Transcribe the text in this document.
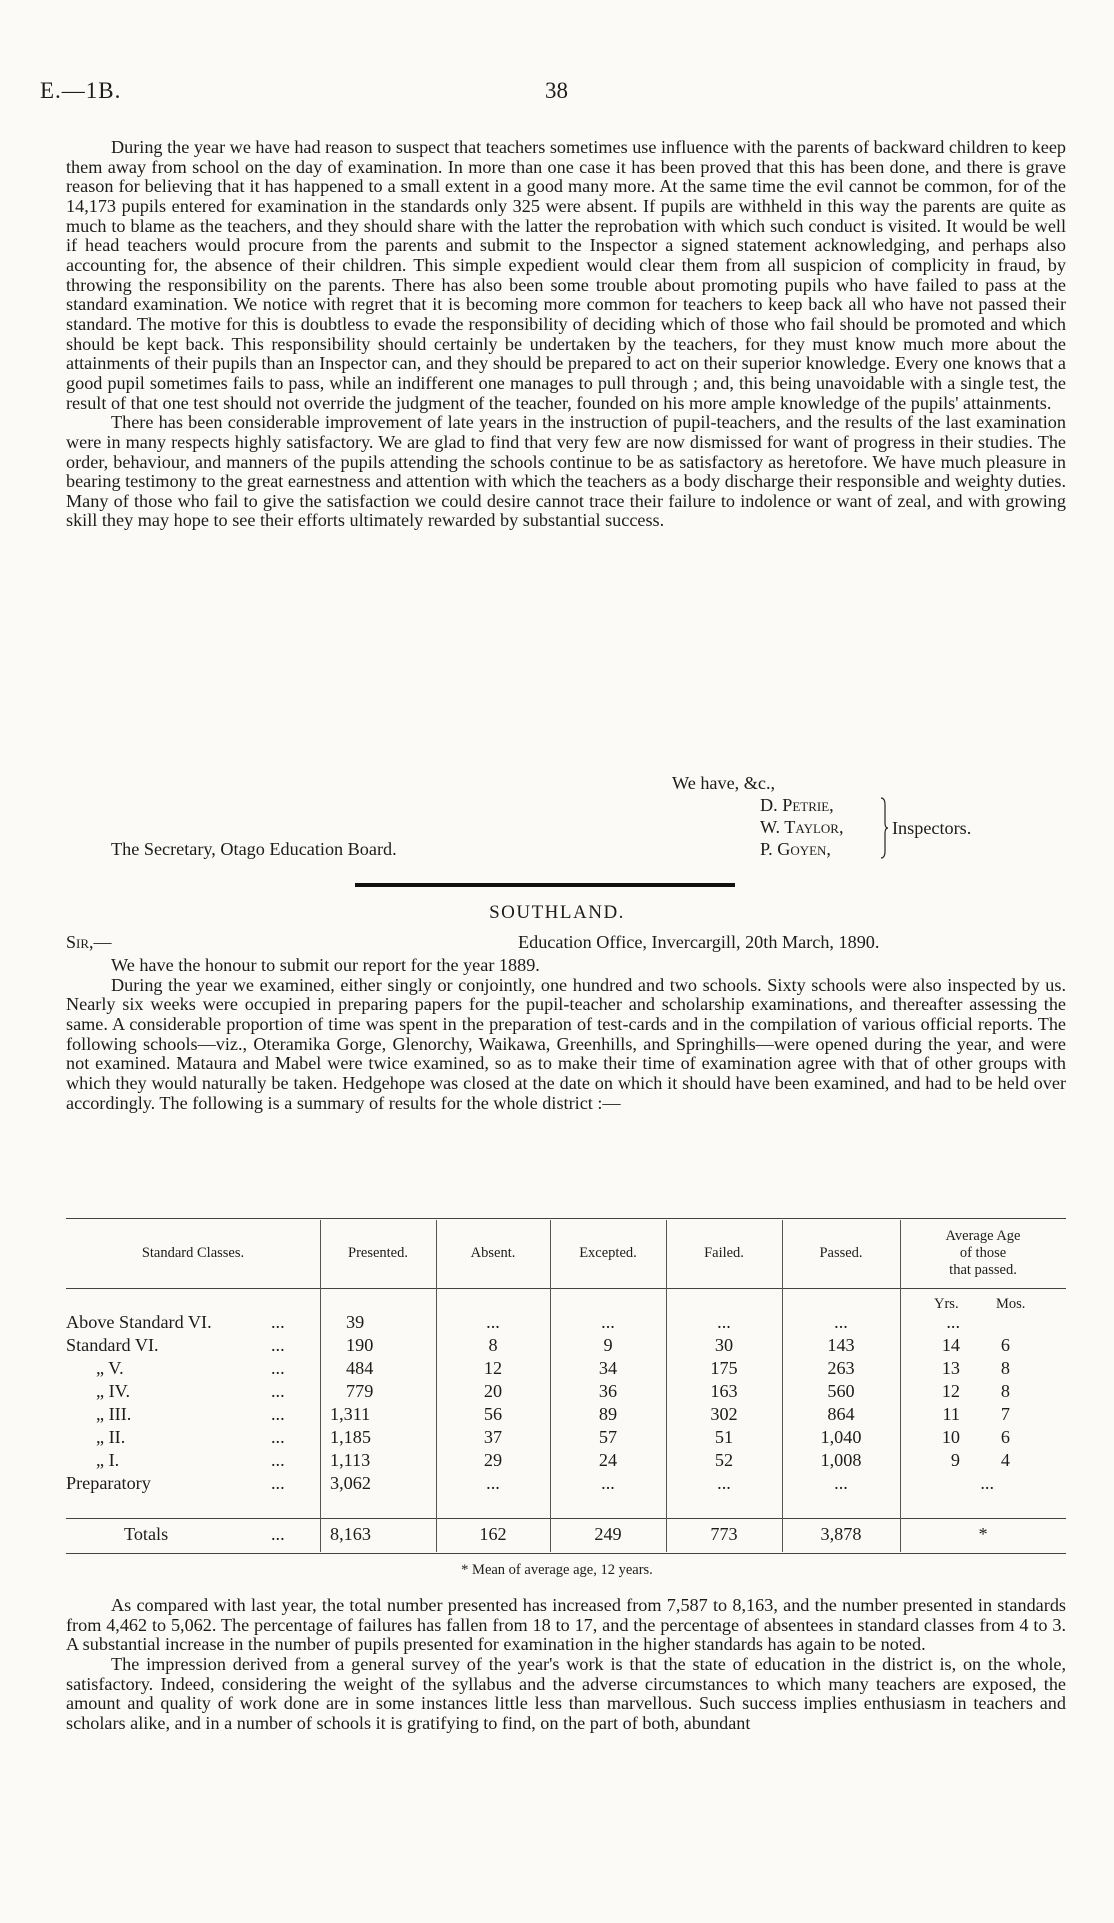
E.—1B.	38

During the year we have had reason to suspect that teachers sometimes use influence with the parents of backward children to keep them away from school on the day of examination. In more than one case it has been proved that this has been done, and there is grave reason for believing that it has happened to a small extent in a good many more. At the same time the evil cannot be common, for of the 14,173 pupils entered for examination in the standards only 325 were absent. If pupils are withheld in this way the parents are quite as much to blame as the teachers, and they should share with the latter the reprobation with which such conduct is visited. It would be well if head teachers would procure from the parents and submit to the Inspector a signed statement acknowledging, and perhaps also accounting for, the absence of their children. This simple expedient would clear them from all suspicion of complicity in fraud, by throwing the responsibility on the parents. There has also been some trouble about promoting pupils who have failed to pass at the standard examination. We notice with regret that it is becoming more common for teachers to keep back all who have not passed their standard. The motive for this is doubtless to evade the responsibility of deciding which of those who fail should be promoted and which should be kept back. This responsibility should certainly be undertaken by the teachers, for they must know much more about the attainments of their pupils than an Inspector can, and they should be prepared to act on their superior knowledge. Every one knows that a good pupil sometimes fails to pass, while an indifferent one manages to pull through ; and, this being unavoidable with a single test, the result of that one test should not override the judgment of the teacher, founded on his more ample knowledge of the pupils' attainments.

There has been considerable improvement of late years in the instruction of pupil-teachers, and the results of the last examination were in many respects highly satisfactory. We are glad to find that very few are now dismissed for want of progress in their studies. The order, behaviour, and manners of the pupils attending the schools continue to be as satisfactory as heretofore. We have much pleasure in bearing testimony to the great earnestness and attention with which the teachers as a body discharge their responsible and weighty duties. Many of those who fail to give the satisfaction we could desire cannot trace their failure to indolence or want of zeal, and with growing skill they may hope to see their efforts ultimately rewarded by substantial success.

We have, &c.,
D. Petrie,
W. Taylor,
P. Goyen,
Inspectors.
The Secretary, Otago Education Board.
SOUTHLAND.
Sir,—	Education Office, Invercargill, 20th March, 1890.

We have the honour to submit our report for the year 1889.

During the year we examined, either singly or conjointly, one hundred and two schools. Sixty schools were also inspected by us. Nearly six weeks were occupied in preparing papers for the pupil-teacher and scholarship examinations, and thereafter assessing the same. A considerable proportion of time was spent in the preparation of test-cards and in the compilation of various official reports. The following schools—viz., Oteramika Gorge, Glenorchy, Waikawa, Greenhills, and Springhills—were opened during the year, and were not examined. Mataura and Mabel were twice examined, so as to make their time of examination agree with that of other groups with which they would naturally be taken. Hedgehope was closed at the date on which it should have been examined, and had to be held over accordingly. The following is a summary of results for the whole district :—

Standard Classes.	Presented.	Absent.	Excepted.	Failed.	Passed.
Average Age
of those
that passed.
Yrs.	Mos.
Above Standard VI.	...	39	...	...	...	...	...
Standard VI.	...	190	8	9	30	143	14	6
„ V.	...	484	12	34	175	263	13	8
„ IV.	...	779	20	36	163	560	12	8
„ III.	... 1,311	56	89	302	864	11	7
„ II.	... 1,185	37	57	51	1,040	10	6
„ I.	... 1,113	29	24	52	1,008	9	4
Preparatory	... 3,062	...	...	...	...	...
Totals	... 8,163	162	249	773	3,878	*
* Mean of average age, 12 years.

As compared with last year, the total number presented has increased from 7,587 to 8,163, and the number presented in standards from 4,462 to 5,062. The percentage of failures has fallen from 18 to 17, and the percentage of absentees in standard classes from 4 to 3. A substantial increase in the number of pupils presented for examination in the higher standards has again to be noted.

The impression derived from a general survey of the year's work is that the state of education in the district is, on the whole, satisfactory. Indeed, considering the weight of the syllabus and the adverse circumstances to which many teachers are exposed, the amount and quality of work done are in some instances little less than marvellous. Such success implies enthusiasm in teachers and scholars alike, and in a number of schools it is gratifying to find, on the part of both, abundant
